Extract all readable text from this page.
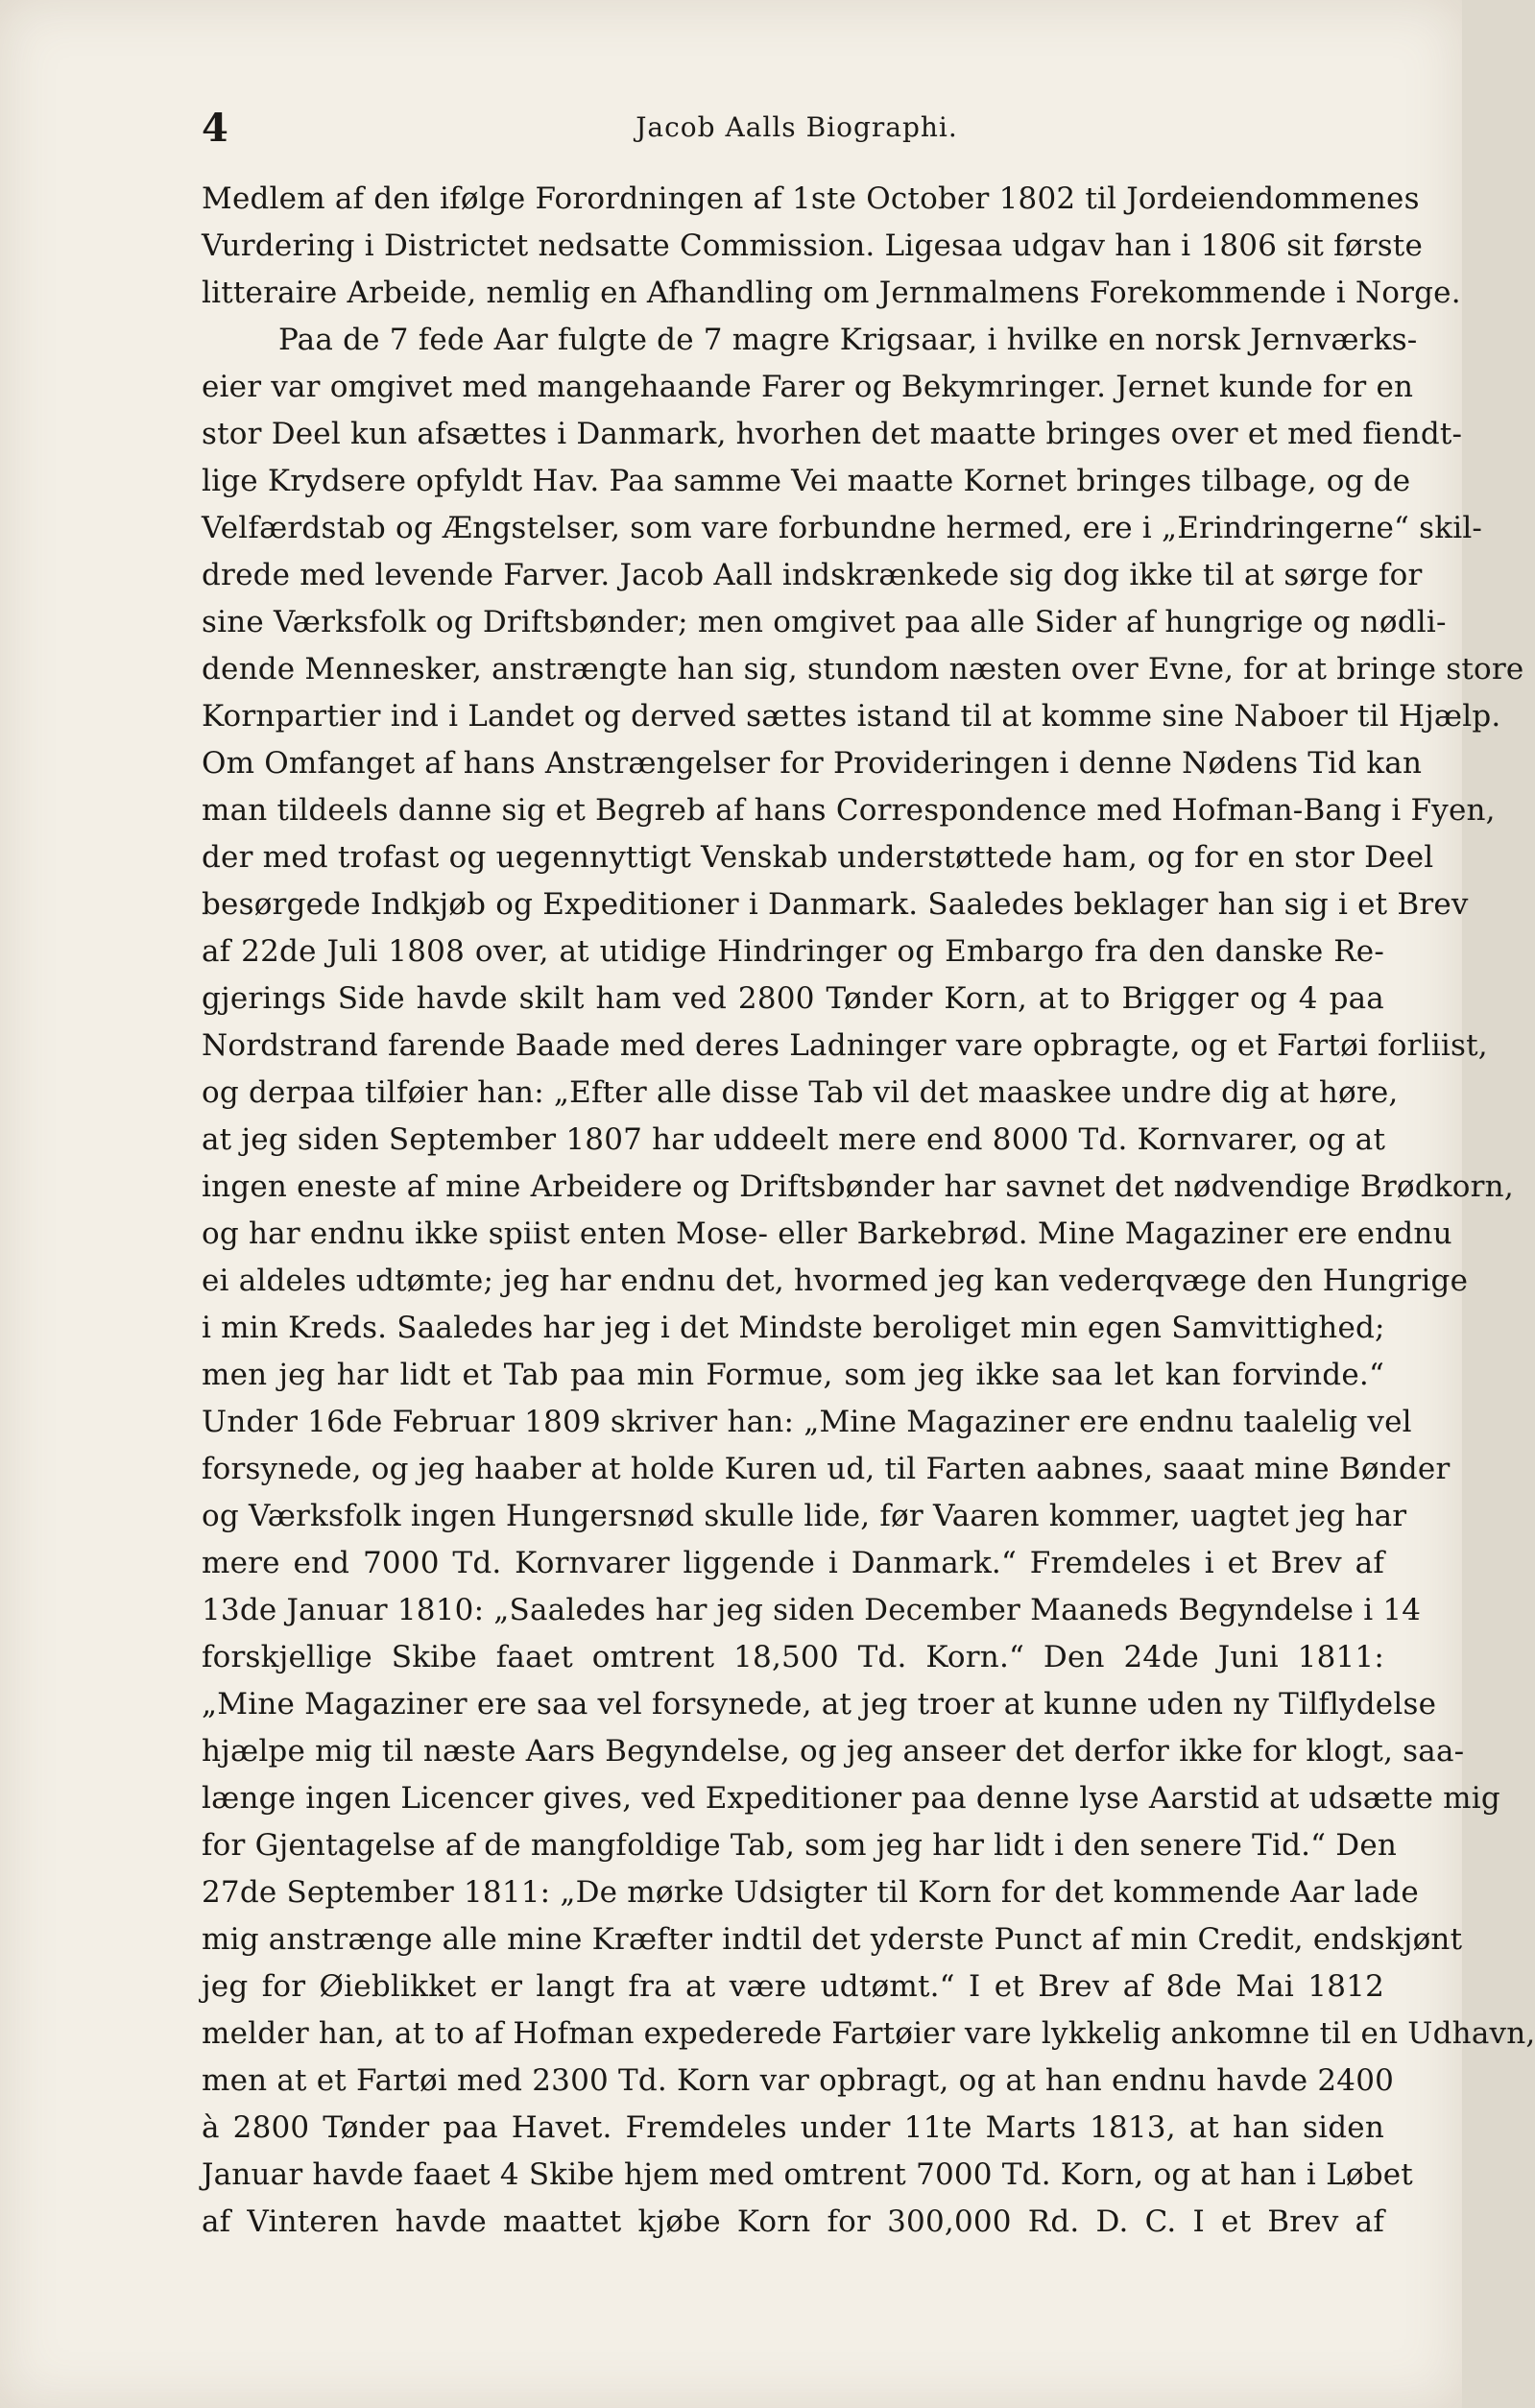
4	Jacob Aalls Biographi.
Medlem af den ifølge Forordningen af 1ste October 1802 til Jordeiendommenes
Vurdering i Districtet nedsatte Commission. Ligesaa udgav han i 1806 sit første
litteraire Arbeide, nemlig en Afhandling om Jernmalmens Forekommende i Norge.
Paa de 7 fede Aar fulgte de 7 magre Krigsaar, i hvilke en norsk Jernværks-
eier var omgivet med mangehaande Farer og Bekymringer. Jernet kunde for en
stor Deel kun afsættes i Danmark, hvorhen det maatte bringes over et med fiendt-
lige Krydsere opfyldt Hav. Paa samme Vei maatte Kornet bringes tilbage, og de
Velfærdstab og Ængstelser, som vare forbundne hermed, ere i „Erindringerne“ skil-
drede med levende Farver. Jacob Aall indskrænkede sig dog ikke til at sørge for
sine Værksfolk og Driftsbønder; men omgivet paa alle Sider af hungrige og nødli-
dende Mennesker, anstrængte han sig, stundom næsten over Evne, for at bringe store
Kornpartier ind i Landet og derved sættes istand til at komme sine Naboer til Hjælp.
Om Omfanget af hans Anstrængelser for Provideringen i denne Nødens Tid kan
man tildeels danne sig et Begreb af hans Correspondence med Hofman-Bang i Fyen,
der med trofast og uegennyttigt Venskab understøttede ham, og for en stor Deel
besørgede Indkjøb og Expeditioner i Danmark. Saaledes beklager han sig i et Brev
af 22de Juli 1808 over, at utidige Hindringer og Embargo fra den danske Re-
gjerings Side havde skilt ham ved 2800 Tønder Korn, at to Brigger og 4 paa
Nordstrand farende Baade med deres Ladninger vare opbragte, og et Fartøi forliist,
og derpaa tilføier han: „Efter alle disse Tab vil det maaskee undre dig at høre,
at jeg siden September 1807 har uddeelt mere end 8000 Td. Kornvarer, og at
ingen eneste af mine Arbeidere og Driftsbønder har savnet det nødvendige Brødkorn,
og har endnu ikke spiist enten Mose- eller Barkebrød. Mine Magaziner ere endnu
ei aldeles udtømte; jeg har endnu det, hvormed jeg kan vederqvæge den Hungrige
i min Kreds. Saaledes har jeg i det Mindste beroliget min egen Samvittighed;
men jeg har lidt et Tab paa min Formue, som jeg ikke saa let kan forvinde.“
Under 16de Februar 1809 skriver han: „Mine Magaziner ere endnu taalelig vel
forsynede, og jeg haaber at holde Kuren ud, til Farten aabnes, saaat mine Bønder
og Værksfolk ingen Hungersnød skulle lide, før Vaaren kommer, uagtet jeg har
mere end 7000 Td. Kornvarer liggende i Danmark.“ Fremdeles i et Brev af
13de Januar 1810: „Saaledes har jeg siden December Maaneds Begyndelse i 14
forskjellige Skibe faaet omtrent 18,500 Td. Korn.“ Den 24de Juni 1811:
„Mine Magaziner ere saa vel forsynede, at jeg troer at kunne uden ny Tilflydelse
hjælpe mig til næste Aars Begyndelse, og jeg anseer det derfor ikke for klogt, saa-
længe ingen Licencer gives, ved Expeditioner paa denne lyse Aarstid at udsætte mig
for Gjentagelse af de mangfoldige Tab, som jeg har lidt i den senere Tid.“ Den
27de September 1811: „De mørke Udsigter til Korn for det kommende Aar lade
mig anstrænge alle mine Kræfter indtil det yderste Punct af min Credit, endskjønt
jeg for Øieblikket er langt fra at være udtømt.“ I et Brev af 8de Mai 1812
melder han, at to af Hofman expederede Fartøier vare lykkelig ankomne til en Udhavn,
men at et Fartøi med 2300 Td. Korn var opbragt, og at han endnu havde 2400
à 2800 Tønder paa Havet. Fremdeles under 11te Marts 1813, at han siden
Januar havde faaet 4 Skibe hjem med omtrent 7000 Td. Korn, og at han i Løbet
af Vinteren havde maattet kjøbe Korn for 300,000 Rd. D. C. I et Brev af
